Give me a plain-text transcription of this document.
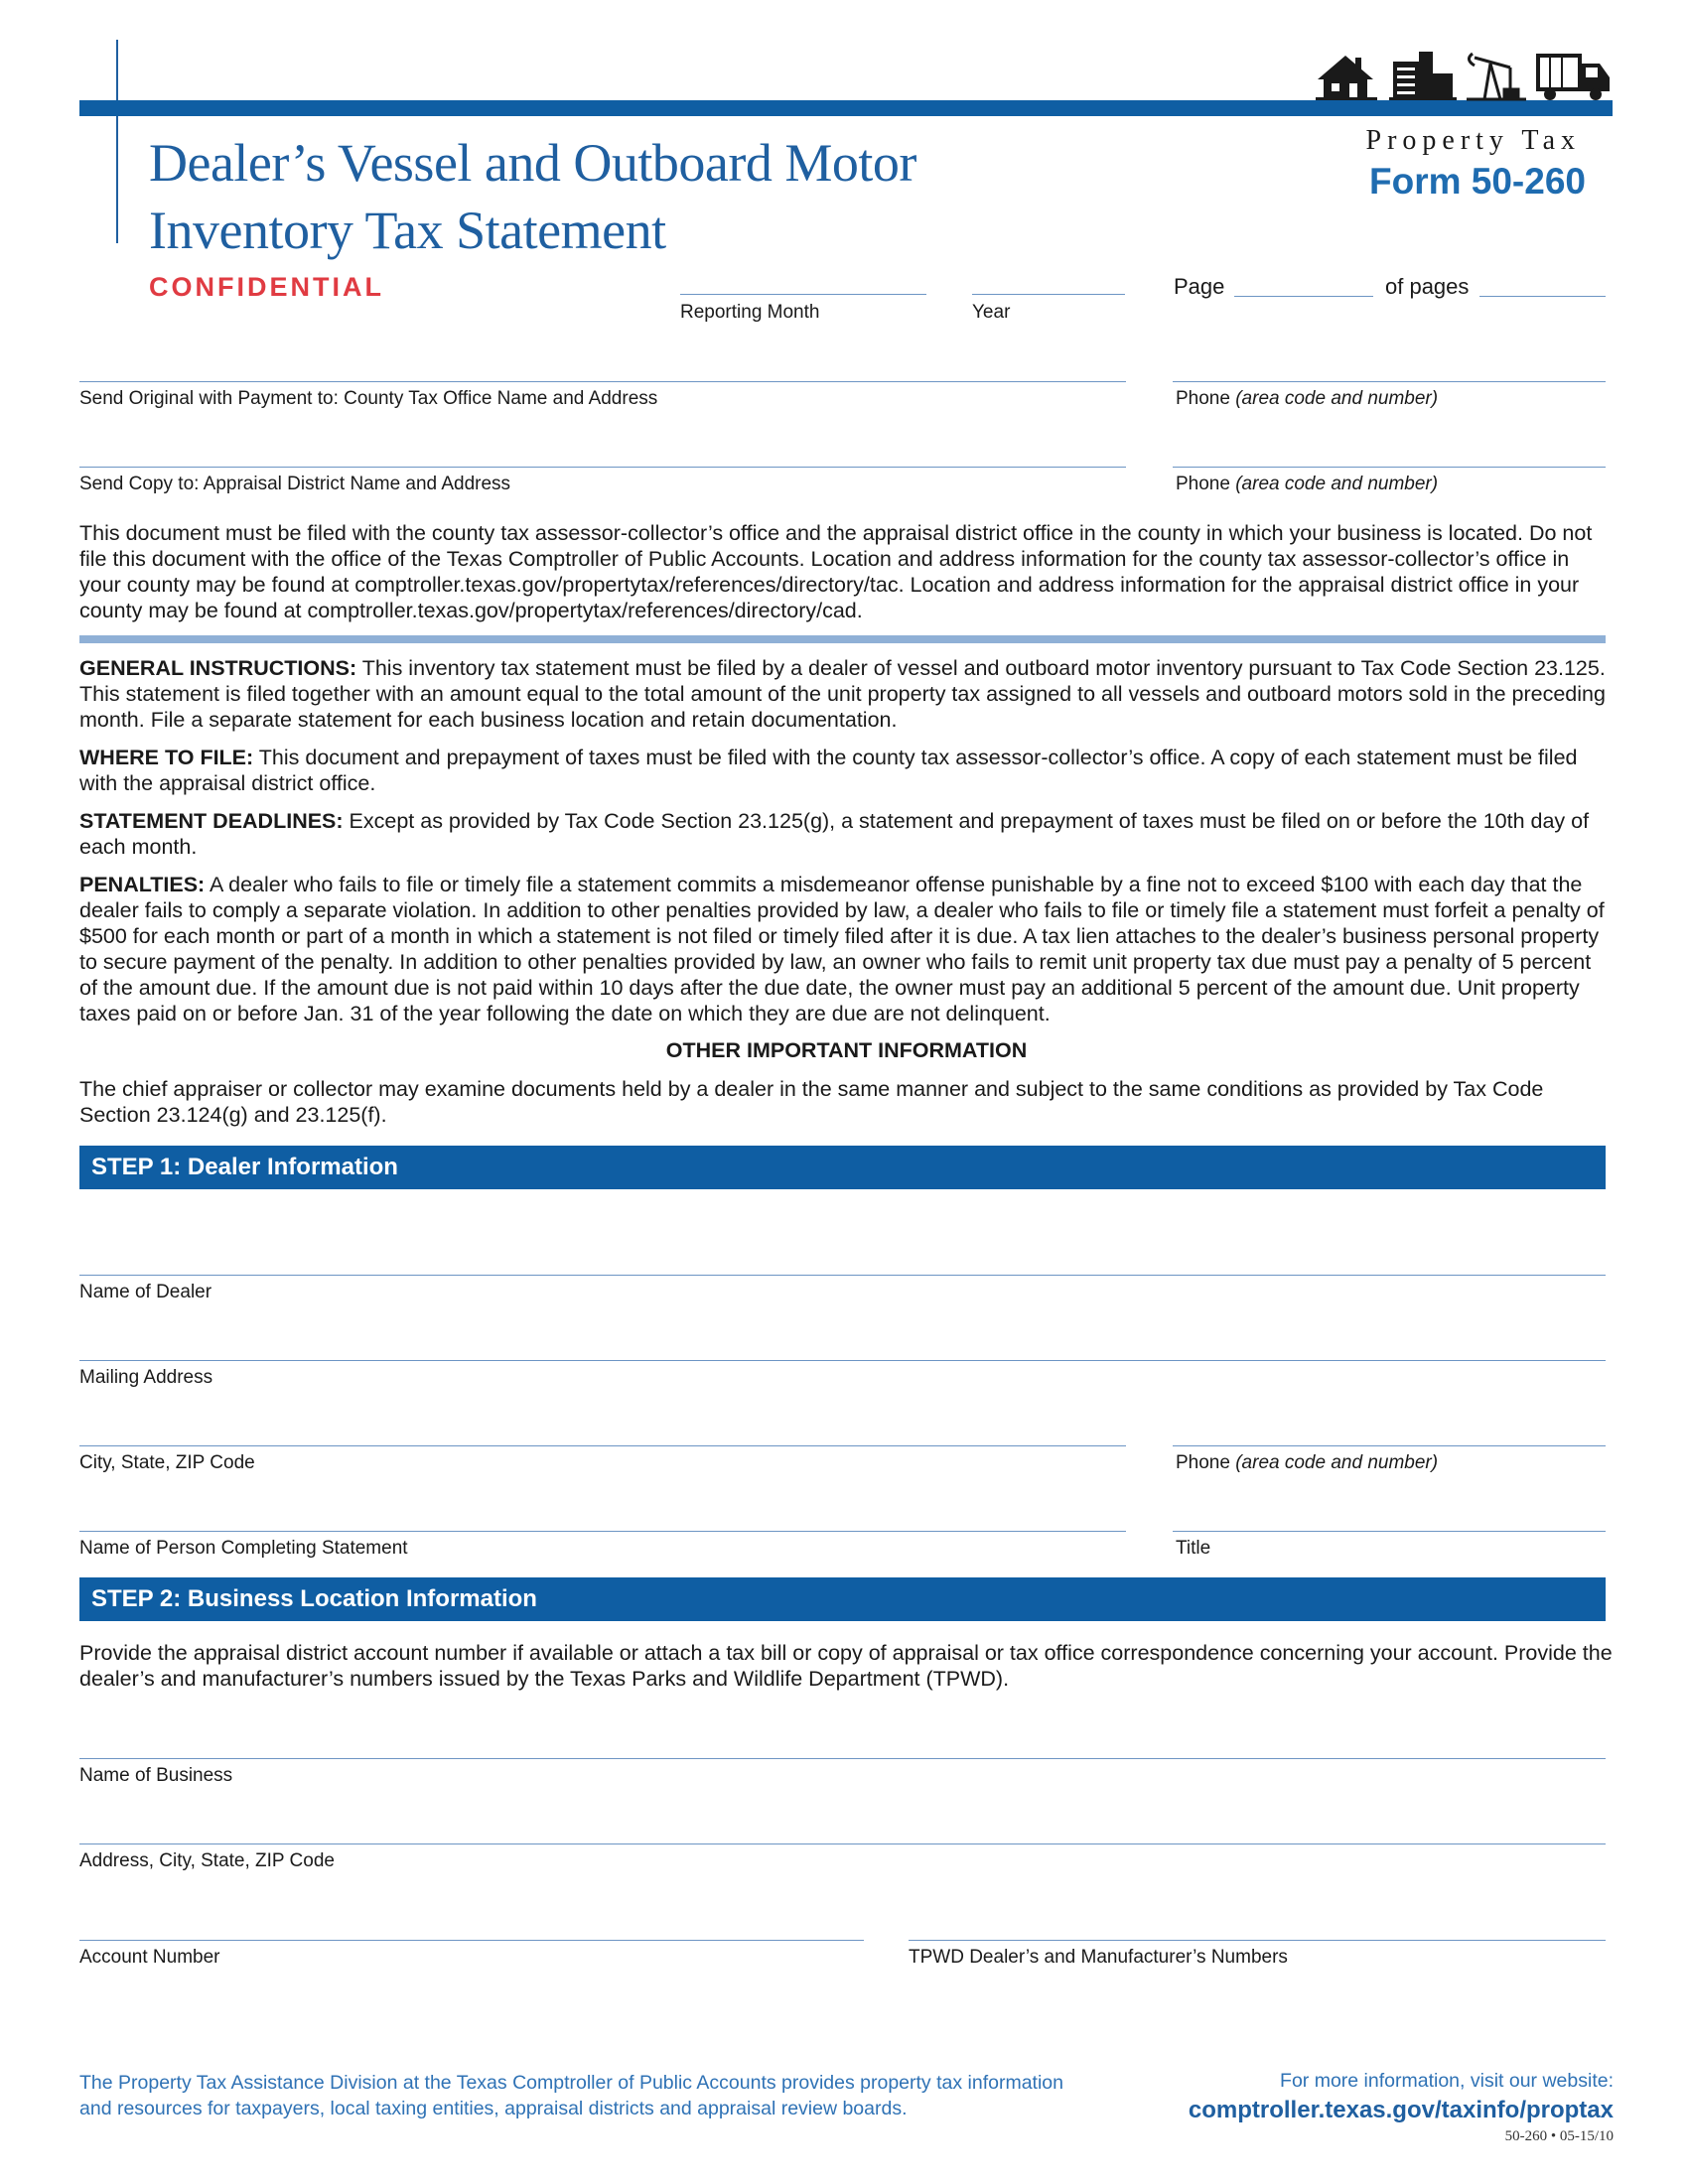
Dealer’s Vessel and Outboard Motor
Inventory Tax Statement
CONFIDENTIAL
Property Tax
Form 50-260
Reporting Month	Year
Page	of pages
Send Original with Payment to: County Tax Office Name and Address	Phone (area code and number)
Send Copy to: Appraisal District Name and Address	Phone (area code and number)
This document must be filed with the county tax assessor-collector’s office and the appraisal district office in the county in which your business is located. Do not file this document with the office of the Texas Comptroller of Public Accounts. Location and address information for the county tax assessor-collector’s office in your county may be found at comptroller.texas.gov/propertytax/references/directory/tac. Location and address information for the appraisal district office in your county may be found at comptroller.texas.gov/propertytax/references/directory/cad.
GENERAL INSTRUCTIONS: This inventory tax statement must be filed by a dealer of vessel and outboard motor inventory pursuant to Tax Code Section 23.125. This statement is filed together with an amount equal to the total amount of the unit property tax assigned to all vessels and outboard motors sold in the preceding month. File a separate statement for each business location and retain documentation.
WHERE TO FILE: This document and prepayment of taxes must be filed with the county tax assessor-collector’s office. A copy of each statement must be filed with the appraisal district office.
STATEMENT DEADLINES: Except as provided by Tax Code Section 23.125(g), a statement and prepayment of taxes must be filed on or before the 10th day of each month.
PENALTIES: A dealer who fails to file or timely file a statement commits a misdemeanor offense punishable by a fine not to exceed $100 with each day that the dealer fails to comply a separate violation. In addition to other penalties provided by law, a dealer who fails to file or timely file a statement must forfeit a penalty of $500 for each month or part of a month in which a statement is not filed or timely filed after it is due. A tax lien attaches to the dealer’s business personal property to secure payment of the penalty. In addition to other penalties provided by law, an owner who fails to remit unit property tax due must pay a penalty of 5 percent of the amount due. If the amount due is not paid within 10 days after the due date, the owner must pay an additional 5 percent of the amount due. Unit property taxes paid on or before Jan. 31 of the year following the date on which they are due are not delinquent.
OTHER IMPORTANT INFORMATION
The chief appraiser or collector may examine documents held by a dealer in the same manner and subject to the same conditions as provided by Tax Code Section 23.124(g) and 23.125(f).
STEP 1: Dealer Information
Name of Dealer
Mailing Address
City, State, ZIP Code	Phone (area code and number)
Name of Person Completing Statement	Title
STEP 2: Business Location Information
Provide the appraisal district account number if available or attach a tax bill or copy of appraisal or tax office correspondence concerning your account. Provide the dealer’s and manufacturer’s numbers issued by the Texas Parks and Wildlife Department (TPWD).
Name of Business
Address, City, State, ZIP Code
Account Number	TPWD Dealer’s and Manufacturer’s Numbers
The Property Tax Assistance Division at the Texas Comptroller of Public Accounts provides property tax information and resources for taxpayers, local taxing entities, appraisal districts and appraisal review boards.
For more information, visit our website:
comptroller.texas.gov/taxinfo/proptax
50-260 • 05-15/10
